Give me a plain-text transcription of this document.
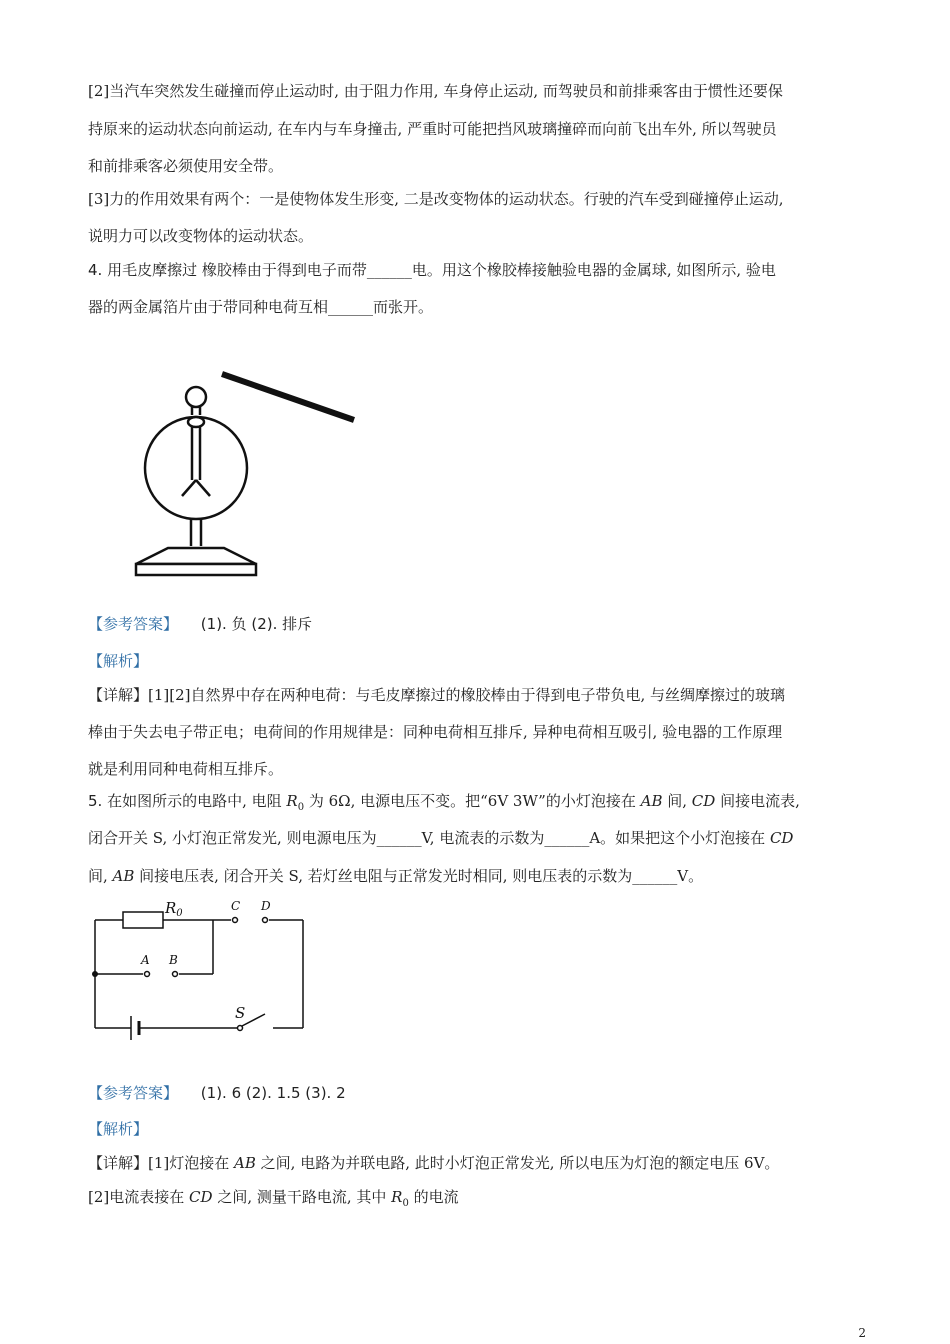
[2]当汽车突然发生碰撞而停止运动时, 由于阻力作用, 车身停止运动, 而驾驶员和前排乘客由于惯性还要保
持原来的运动状态向前运动, 在车内与车身撞击, 严重时可能把挡风玻璃撞碎而向前飞出车外, 所以驾驶员
和前排乘客必须使用安全带。
[3]力的作用效果有两个：一是使物体发生形变, 二是改变物体的运动状态。行驶的汽车受到碰撞停止运动,
说明力可以改变物体的运动状态。
4. 用毛皮摩擦过 橡胶棒由于得到电子而带______电。用这个橡胶棒接触验电器的金属球, 如图所示, 验电
器的两金属箔片由于带同种电荷互相______而张开。
【参考答案】 (1). 负 (2). 排斥
【解析】
【详解】[1][2]自然界中存在两种电荷：与毛皮摩擦过的橡胶棒由于得到电子带负电, 与丝绸摩擦过的玻璃
棒由于失去电子带正电；电荷间的作用规律是：同种电荷相互排斥, 异种电荷相互吸引, 验电器的工作原理
就是利用同种电荷相互排斥。
5. 在如图所示的电路中, 电阻 $R_0$ 为 6Ω, 电源电压不变。把“6V 3W”的小灯泡接在 AB 间, CD 间接电流表,
闭合开关 S, 小灯泡正常发光, 则电源电压为______V, 电流表的示数为______A。如果把这个小灯泡接在 CD
间, AB 间接电压表, 闭合开关 S, 若灯丝电阻与正常发光时相同, 则电压表的示数为______V。
$R_0$
C D
A B
S
【参考答案】 (1). 6 (2). 1.5 (3). 2
【解析】
【详解】[1]灯泡接在 AB 之间, 电路为并联电路, 此时小灯泡正常发光, 所以电压为灯泡的额定电压 6V。
[2]电流表接在 CD 之间, 测量干路电流, 其中 $R_0$ 的电流
2
